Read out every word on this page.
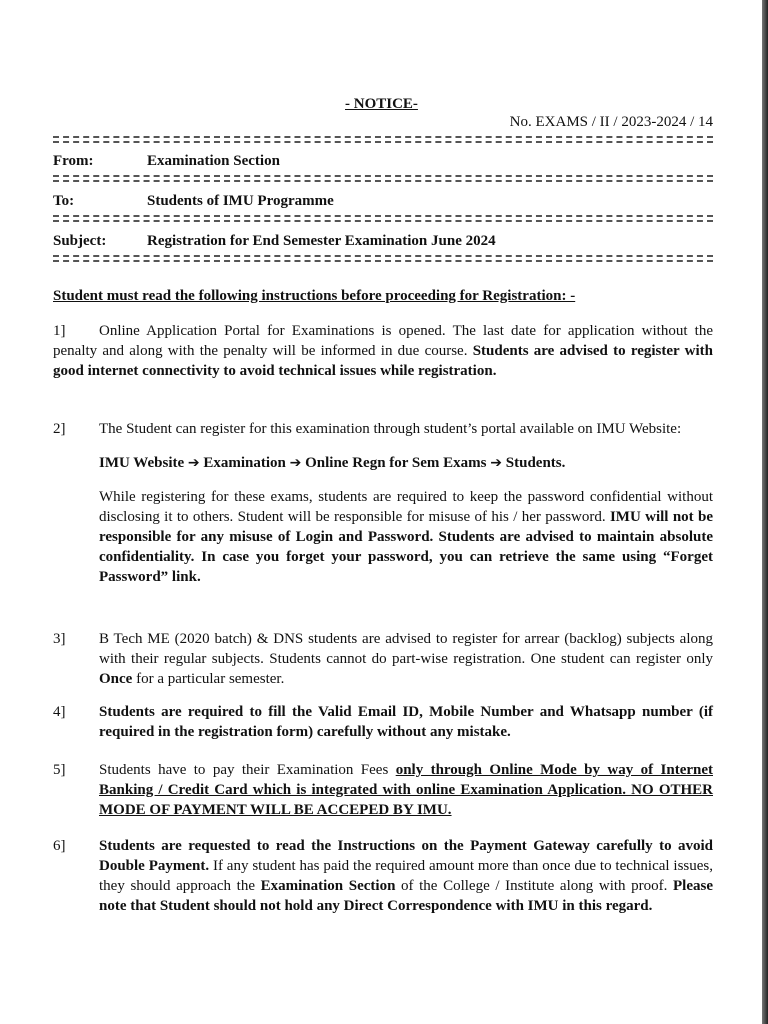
- NOTICE-
No. EXAMS / II / 2023-2024 / 14
From:	Examination Section
To:	Students of IMU Programme
Subject:	Registration for End Semester Examination June 2024
Student must read the following instructions before proceeding for Registration: -
1]	Online Application Portal for Examinations is opened. The last date for application without the penalty and along with the penalty will be informed in due course. Students are advised to register with good internet connectivity to avoid technical issues while registration.

2] The Student can register for this examination through student’s portal available on IMU Website:

IMU Website ➔ Examination ➔ Online Regn for Sem Exams ➔ Students.

While registering for these exams, students are required to keep the password confidential without disclosing it to others. Student will be responsible for misuse of his / her password. IMU will not be responsible for any misuse of Login and Password. Students are advised to maintain absolute confidentiality. In case you forget your password, you can retrieve the same using “Forget Password” link.

3] B Tech ME (2020 batch) & DNS students are advised to register for arrear (backlog) subjects along with their regular subjects. Students cannot do part-wise registration. One student can register only Once for a particular semester.

4] Students are required to fill the Valid Email ID, Mobile Number and Whatsapp number (if required in the registration form) carefully without any mistake.

5] Students have to pay their Examination Fees only through Online Mode by way of Internet Banking / Credit Card which is integrated with online Examination Application. NO OTHER MODE OF PAYMENT WILL BE ACCEPED BY IMU.

6] Students are requested to read the Instructions on the Payment Gateway carefully to avoid Double Payment. If any student has paid the required amount more than once due to technical issues, they should approach the Examination Section of the College / Institute along with proof. Please note that Student should not hold any Direct Correspondence with IMU in this regard.
